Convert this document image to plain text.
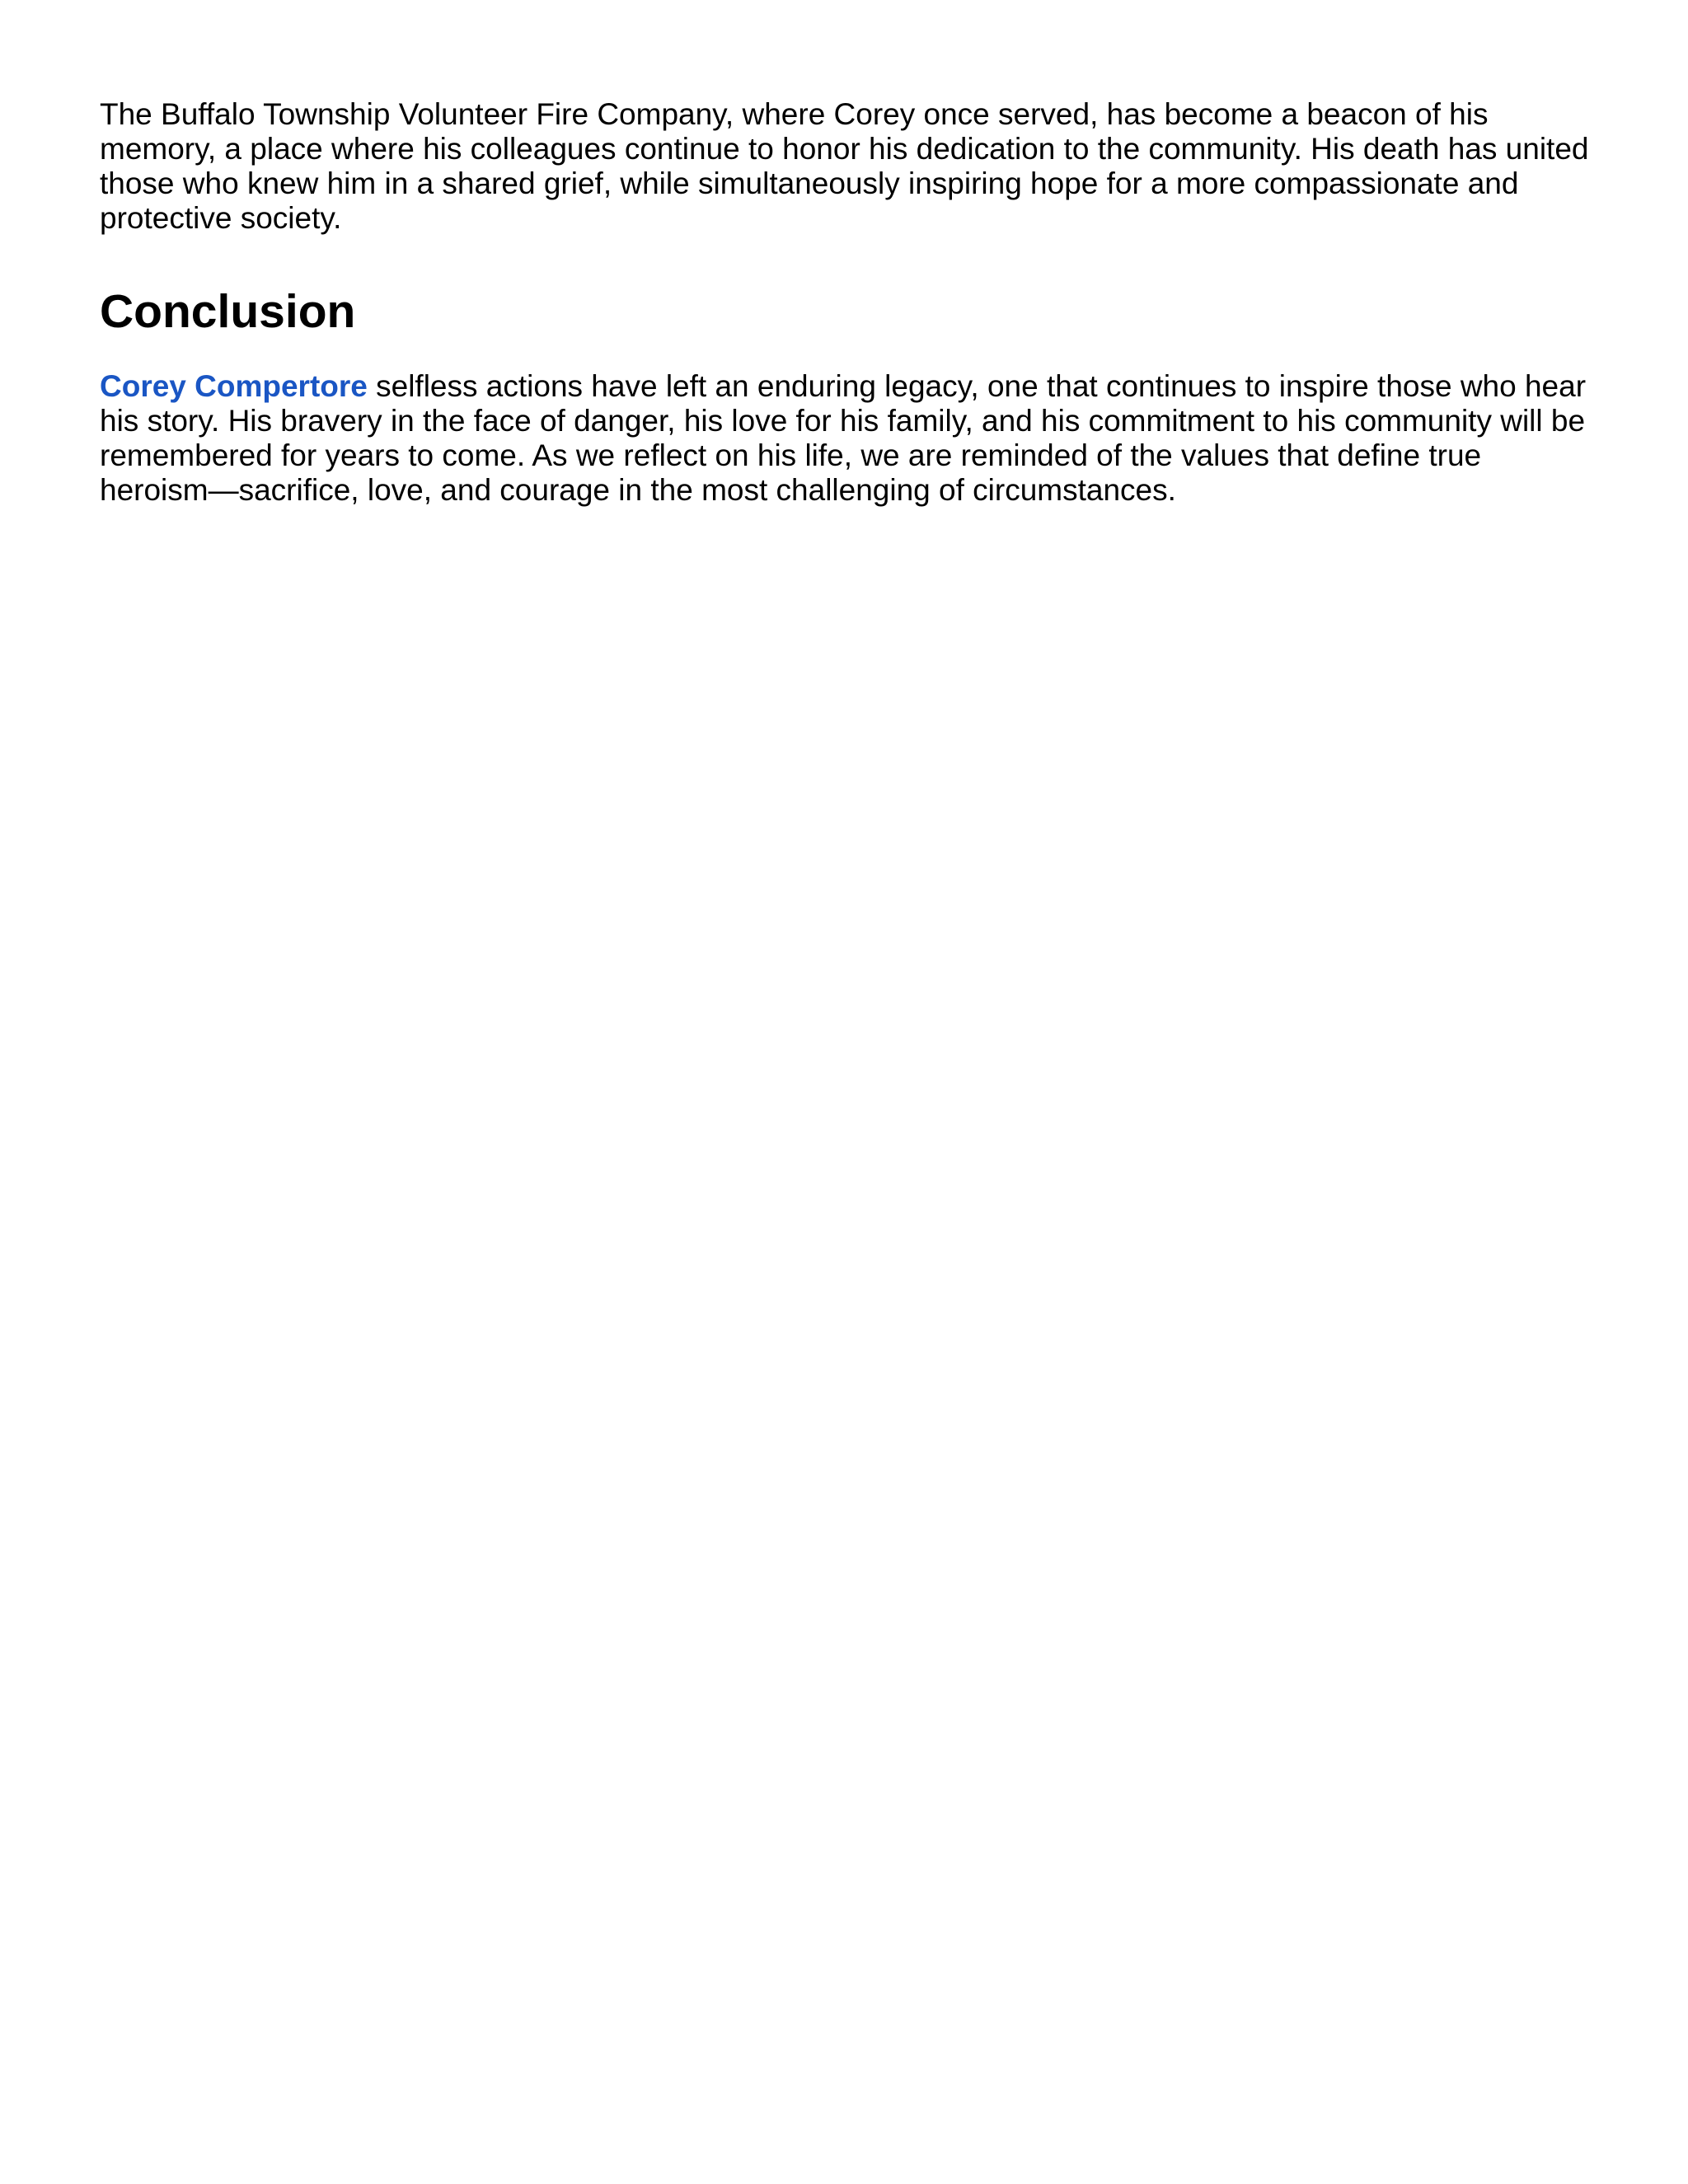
The Buffalo Township Volunteer Fire Company, where Corey once served, has become a beacon of his memory, a place where his colleagues continue to honor his dedication to the community. His death has united those who knew him in a shared grief, while simultaneously inspiring hope for a more compassionate and protective society.

Conclusion

Corey Compertore selfless actions have left an enduring legacy, one that continues to inspire those who hear his story. His bravery in the face of danger, his love for his family, and his commitment to his community will be remembered for years to come. As we reflect on his life, we are reminded of the values that define true heroism—sacrifice, love, and courage in the most challenging of circumstances.
